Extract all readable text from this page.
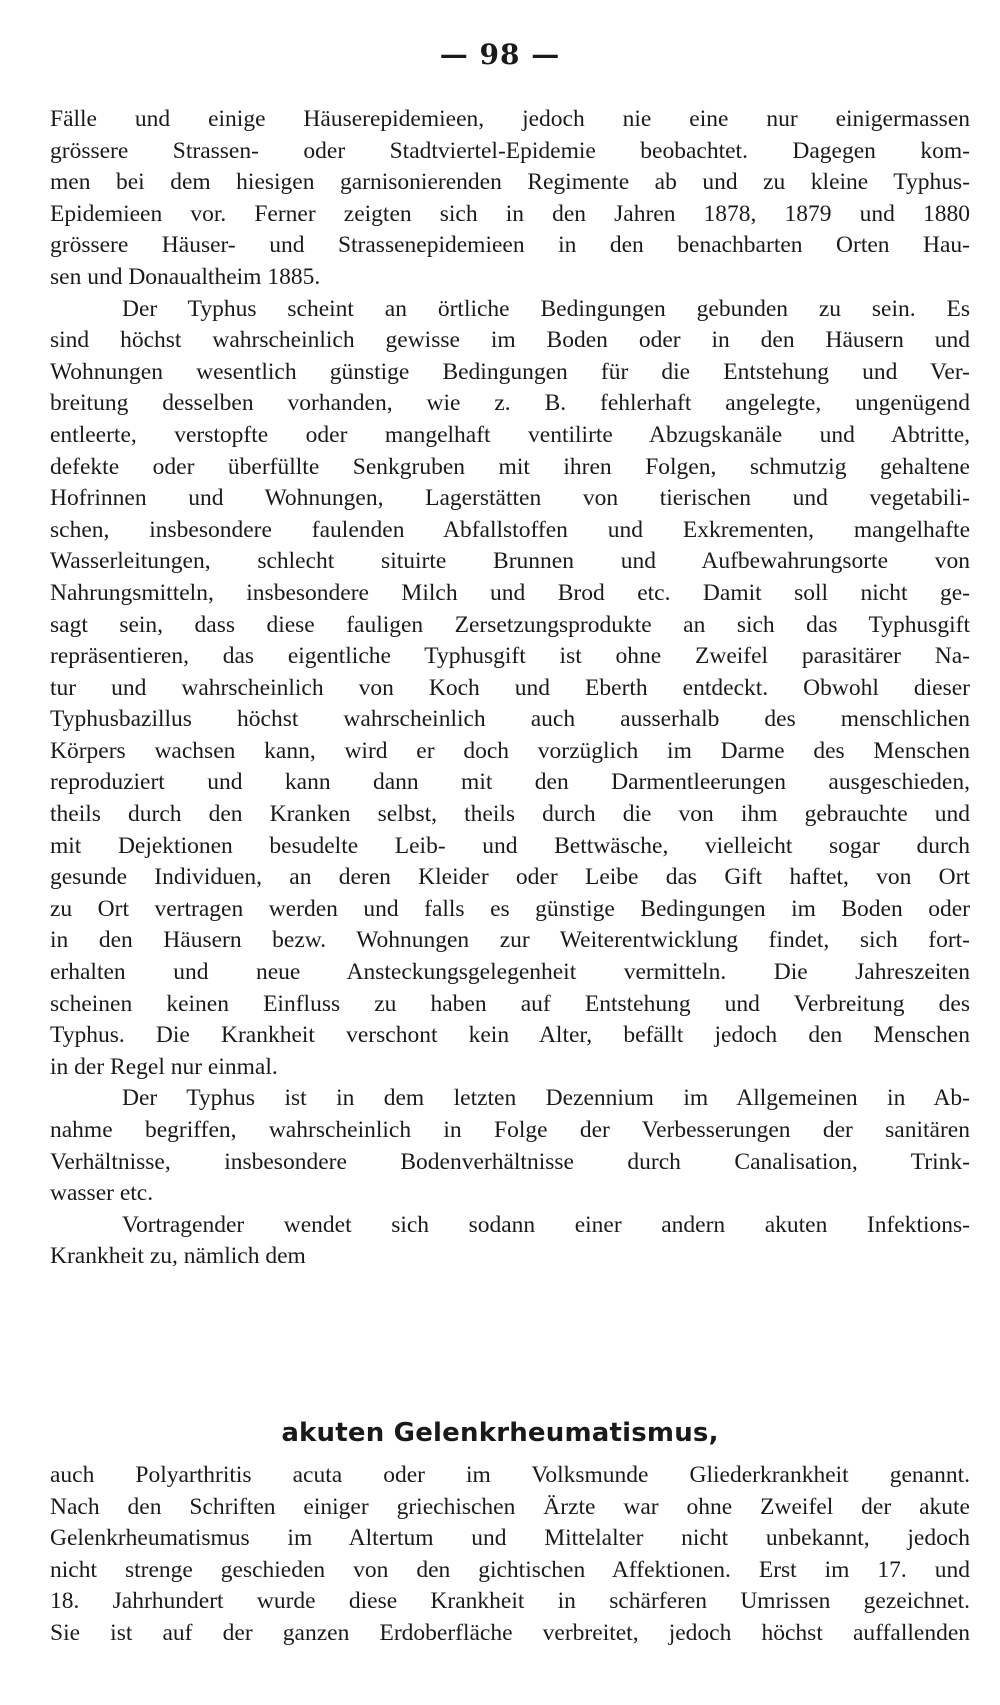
— 98 —
Fälle und einige Häuserepidemieen, jedoch nie eine nur einigermassen
grössere Strassen- oder Stadtviertel-Epidemie beobachtet. Dagegen kom-
men bei dem hiesigen garnisonierenden Regimente ab und zu kleine Typhus-
Epidemieen vor. Ferner zeigten sich in den Jahren 1878, 1879 und 1880
grössere Häuser- und Strassenepidemieen in den benachbarten Orten Hau-
sen und Donaualtheim 1885.
Der Typhus scheint an örtliche Bedingungen gebunden zu sein. Es
sind höchst wahrscheinlich gewisse im Boden oder in den Häusern und
Wohnungen wesentlich günstige Bedingungen für die Entstehung und Ver-
breitung desselben vorhanden, wie z. B. fehlerhaft angelegte, ungenügend
entleerte, verstopfte oder mangelhaft ventilirte Abzugskanäle und Abtritte,
defekte oder überfüllte Senkgruben mit ihren Folgen, schmutzig gehaltene
Hofrinnen und Wohnungen, Lagerstätten von tierischen und vegetabili-
schen, insbesondere faulenden Abfallstoffen und Exkrementen, mangelhafte
Wasserleitungen, schlecht situirte Brunnen und Aufbewahrungsorte von
Nahrungsmitteln, insbesondere Milch und Brod etc. Damit soll nicht ge-
sagt sein, dass diese fauligen Zersetzungsprodukte an sich das Typhusgift
repräsentieren, das eigentliche Typhusgift ist ohne Zweifel parasitärer Na-
tur und wahrscheinlich von Koch und Eberth entdeckt. Obwohl dieser
Typhusbazillus höchst wahrscheinlich auch ausserhalb des menschlichen
Körpers wachsen kann, wird er doch vorzüglich im Darme des Menschen
reproduziert und kann dann mit den Darmentleerungen ausgeschieden,
theils durch den Kranken selbst, theils durch die von ihm gebrauchte und
mit Dejektionen besudelte Leib- und Bettwäsche, vielleicht sogar durch
gesunde Individuen, an deren Kleider oder Leibe das Gift haftet, von Ort
zu Ort vertragen werden und falls es günstige Bedingungen im Boden oder
in den Häusern bezw. Wohnungen zur Weiterentwicklung findet, sich fort-
erhalten und neue Ansteckungsgelegenheit vermitteln. Die Jahreszeiten
scheinen keinen Einfluss zu haben auf Entstehung und Verbreitung des
Typhus. Die Krankheit verschont kein Alter, befällt jedoch den Menschen
in der Regel nur einmal.
Der Typhus ist in dem letzten Dezennium im Allgemeinen in Ab-
nahme begriffen, wahrscheinlich in Folge der Verbesserungen der sanitären
Verhältnisse, insbesondere Bodenverhältnisse durch Canalisation, Trink-
wasser etc.
Vortragender wendet sich sodann einer andern akuten Infektions-
Krankheit zu, nämlich dem
akuten Gelenkrheumatismus,
auch Polyarthritis acuta oder im Volksmunde Gliederkrankheit genannt.
Nach den Schriften einiger griechischen Ärzte war ohne Zweifel der akute
Gelenkrheumatismus im Altertum und Mittelalter nicht unbekannt, jedoch
nicht strenge geschieden von den gichtischen Affektionen. Erst im 17. und
18. Jahrhundert wurde diese Krankheit in schärferen Umrissen gezeichnet.
Sie ist auf der ganzen Erdoberfläche verbreitet, jedoch höchst auffallenden
